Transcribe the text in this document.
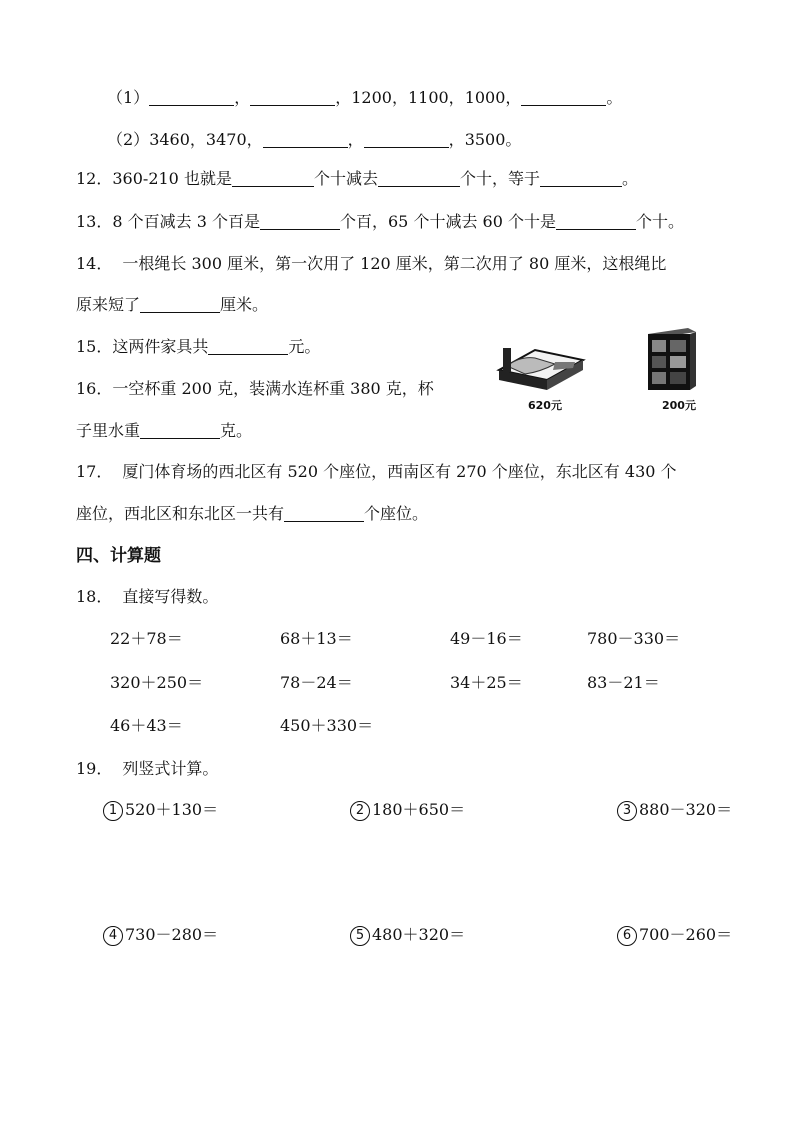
（1）	，	，1200，1100，1000，	。
（2）3460，3470，	，	，3500。
12．360-210 也就是	个十减去	个十，等于	。
13．8 个百减去 3 个百是	个百，65 个十减去 60 个十是	个十。
14． 一根绳长 300 厘米，第一次用了 120 厘米，第二次用了 80 厘米，这根绳比
原来短了	厘米。
15．这两件家具共	元。
620元	200元
16．一空杯重 200 克，装满水连杯重 380 克，杯
子里水重	克。
17． 厦门体育场的西北区有 520 个座位，西南区有 270 个座位，东北区有 430 个
座位，西北区和东北区一共有	个座位。
四、计算题
18． 直接写得数。
22＋78＝	68＋13＝	49－16＝	780－330＝
320＋250＝	78－24＝	34＋25＝	83－21＝
46＋43＝	450＋330＝
19． 列竖式计算。
1 520＋130＝	2 180＋650＝	3 880－320＝
4 730－280＝	5 480＋320＝	6 700－260＝
